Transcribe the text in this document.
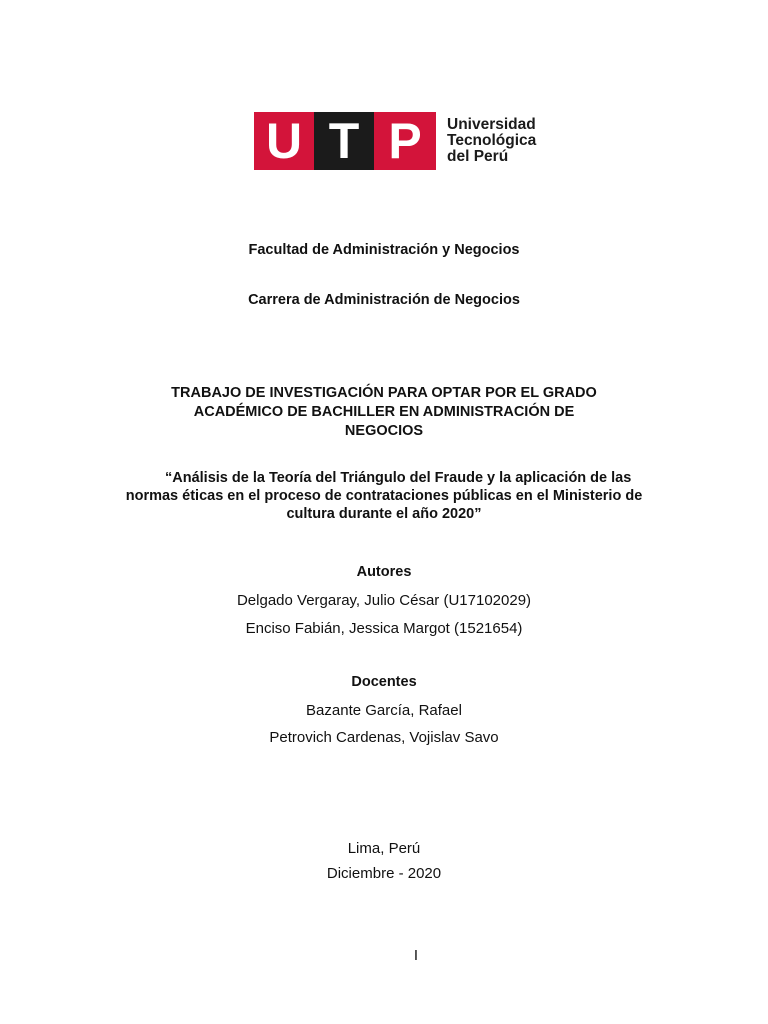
U T P	Universidad
Tecnológica
del Perú
Facultad de Administración y Negocios
Carrera de Administración de Negocios
TRABAJO DE INVESTIGACIÓN PARA OPTAR POR EL GRADO
ACADÉMICO DE BACHILLER EN ADMINISTRACIÓN DE
NEGOCIOS
“Análisis de la Teoría del Triángulo del Fraude y la aplicación de las
normas éticas en el proceso de contrataciones públicas en el Ministerio de
cultura durante el año 2020”
Autores
Delgado Vergaray, Julio César (U17102029)
Enciso Fabián, Jessica Margot (1521654)
Docentes
Bazante García, Rafael
Petrovich Cardenas, Vojislav Savo
Lima, Perú
Diciembre - 2020
I
